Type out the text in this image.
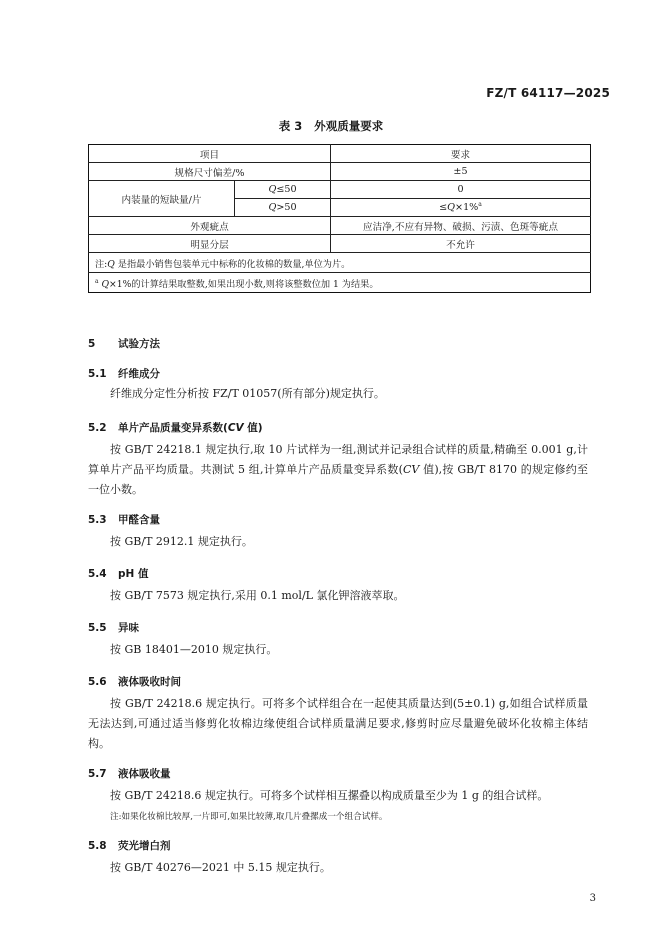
FZ/T 64117—2025
表 3 外观质量要求
项目		要求
规格尺寸偏差/%		±5
内装量的短缺量/片	Q≤50	0
	Q>50	≤Q×1%$^a$
外观疵点		应洁净,不应有异物、破损、污渍、色斑等疵点
明显分层		不允许
注:Q 是指最小销售包装单元中标称的化妆棉的数量,单位为片。		
$^a$ Q×1%的计算结果取整数,如果出现小数,则将该整数位加 1 为结果。		
5 试验方法
5.1 纤维成分
纤维成分定性分析按 FZ/T 01057(所有部分)规定执行。
5.2 单片产品质量变异系数(CV 值)
按 GB/T 24218.1 规定执行,取 10 片试样为一组,测试并记录组合试样的质量,精确至 0.001 g,计算单片产品平均质量。共测试 5 组,计算单片产品质量变异系数(CV 值),按 GB/T 8170 的规定修约至一位小数。
5.3 甲醛含量
按 GB/T 2912.1 规定执行。
5.4 pH 值
按 GB/T 7573 规定执行,采用 0.1 mol/L 氯化钾溶液萃取。
5.5 异味
按 GB 18401—2010 规定执行。
5.6 液体吸收时间
按 GB/T 24218.6 规定执行。可将多个试样组合在一起使其质量达到(5±0.1) g,如组合试样质量无法达到,可通过适当修剪化妆棉边缘使组合试样质量满足要求,修剪时应尽量避免破坏化妆棉主体结构。
5.7 液体吸收量
按 GB/T 24218.6 规定执行。可将多个试样相互摞叠以构成质量至少为 1 g 的组合试样。
注:如果化妆棉比较厚,一片即可,如果比较薄,取几片叠摞成一个组合试样。
5.8 荧光增白剂
按 GB/T 40276—2021 中 5.15 规定执行。
3
